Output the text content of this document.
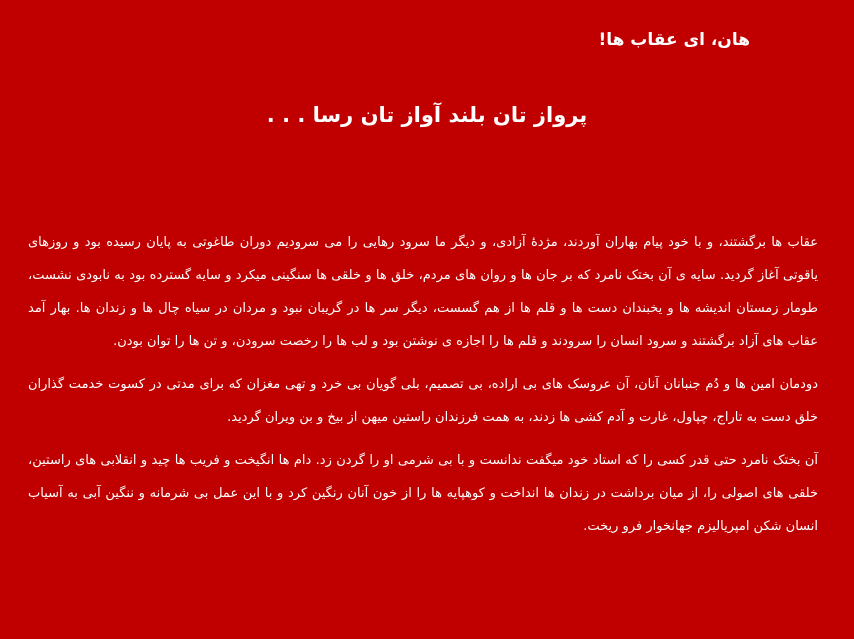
هان، ای عقاب ها!
پرواز تان بلند آواز تان رسا . . .

عقاب ها برگشتند، و با خود پیام بهاران آوردند، مژدهٔ آزادی، و دیگر ما سرود رهایی را می سرودیم دوران طاغوتی به پایان رسیده بود و روزهای یاقوتی آغاز گردید. سایه ی آن بختک نامرد که بر جان ها و روان های مردم، خلق ها و خلقی ها سنگینی میکرد و سایه گسترده بود به نابودی نشست، طومار زمستان اندیشه ها و یخبندان دست ها و قلم ها از هم گسست، دیگر سر ها در گریبان نبود و مردان در سیاه چال ها و زندان ها. بهار آمد عقاب های آزاد برگشتند و سرود انسان را سرودند و قلم ها را اجازه ی نوشتن بود و لب ها را رخصت سرودن، و تن ها را توان بودن.

دودمان امین ها و دُم جنبانان آنان، آن عروسک های بی اراده، بی تصمیم، بلی گویان بی خرد و تهی مغزان که برای مدتی در کسوت خدمت گذاران خلق دست به تاراج، چپاول، غارت و آدم کشی ها زدند، به همت فرزندان راستین میهن از بیخ و بن ویران گردید.

آن بختک نامرد حتی قدر کسی را که استاد خود میگفت ندانست و با بی شرمی او را گردن زد. دام ها انگیخت و فریب ها چید و انقلابی های راستین، خلقی های اصولی را، از میان برداشت در زندان ها انداخت و کوهپایه ها را از خون آنان رنگین کرد و با این عمل بی شرمانه و ننگین آبی به آسیاب انسان شکن امپریالیزم جهانخوار فرو ریخت.
